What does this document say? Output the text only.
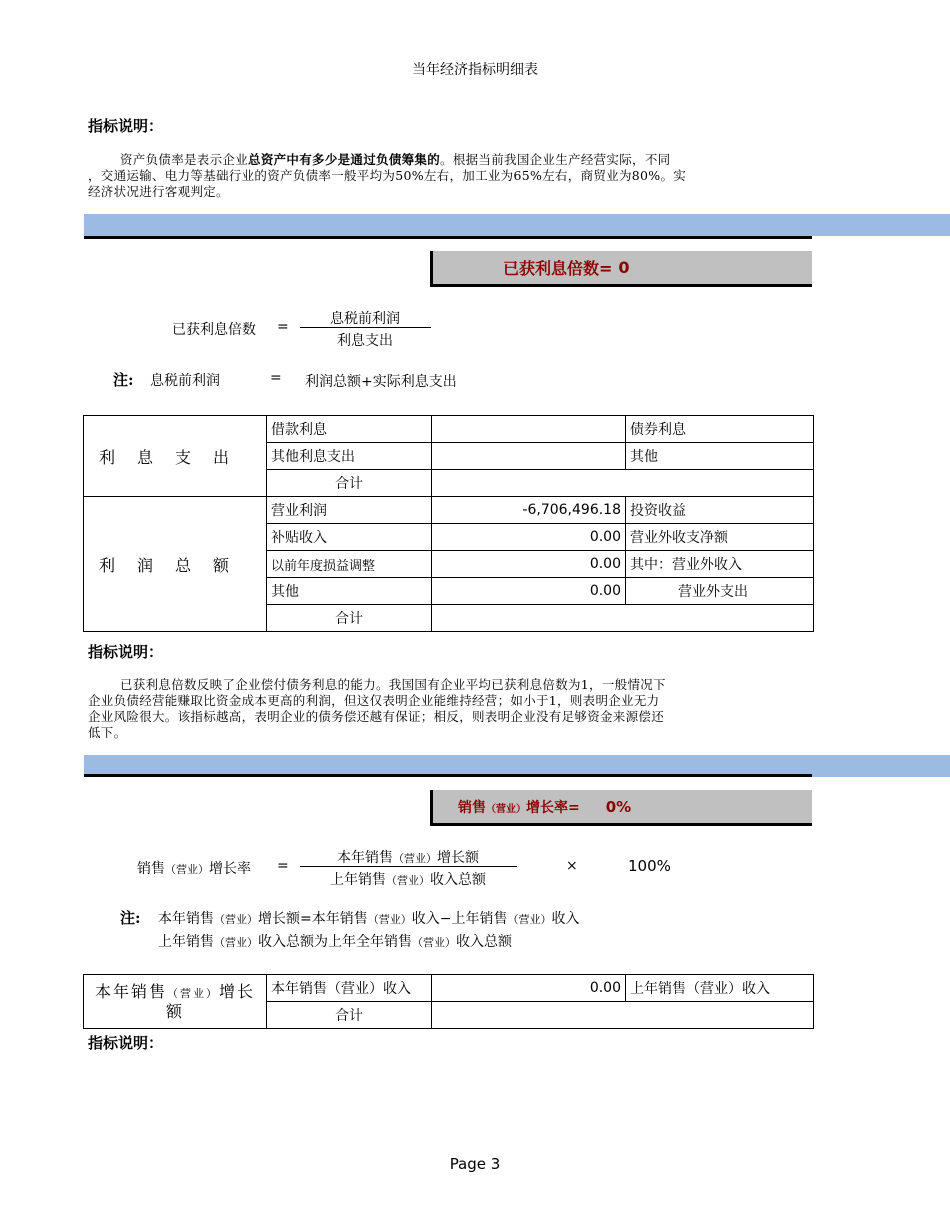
当年经济指标明细表
指标说明：
资产负债率是表示企业总资产中有多少是通过负债筹集的。根据当前我国企业生产经营实际，不同
，交通运输、电力等基础行业的资产负债率一般平均为50%左右，加工业为65%左右，商贸业为80%。实
经济状况进行客观判定。
已获利息倍数= 0
已获利息倍数 =	息税前利润
利息支出
注: 息税前利润	= 利润总额+实际利息支出
利息支出	借款利息		债券利息
	其他利息支出		其他
	合计		
利润总额	营业利润	-6,706,496.18	投资收益
	补贴收入	0.00	营业外收支净额
	以前年度损益调整	0.00	其中：营业外收入
	其他	0.00	营业外支出
	合计		
指标说明：
已获利息倍数反映了企业偿付债务利息的能力。我国国有企业平均已获利息倍数为1，一般情况下
企业负债经营能赚取比资金成本更高的利润，但这仅表明企业能维持经营；如小于1，则表明企业无力
企业风险很大。该指标越高，表明企业的债务偿还越有保证；相反，则表明企业没有足够资金来源偿还
低下。
销售（营业）增长率= 0%
销售（营业）增长率 =	本年销售（营业）增长额
上年销售（营业）收入总额
×	100%
注: 本年销售（营业）增长额=本年销售（营业）收入−上年销售（营业）收入
上年销售（营业）收入总额为上年全年销售（营业）收入总额
本年销售（营业）增长额	本年销售（营业）收入	0.00	上年销售（营业）收入
	合计		
指标说明：
Page 3
